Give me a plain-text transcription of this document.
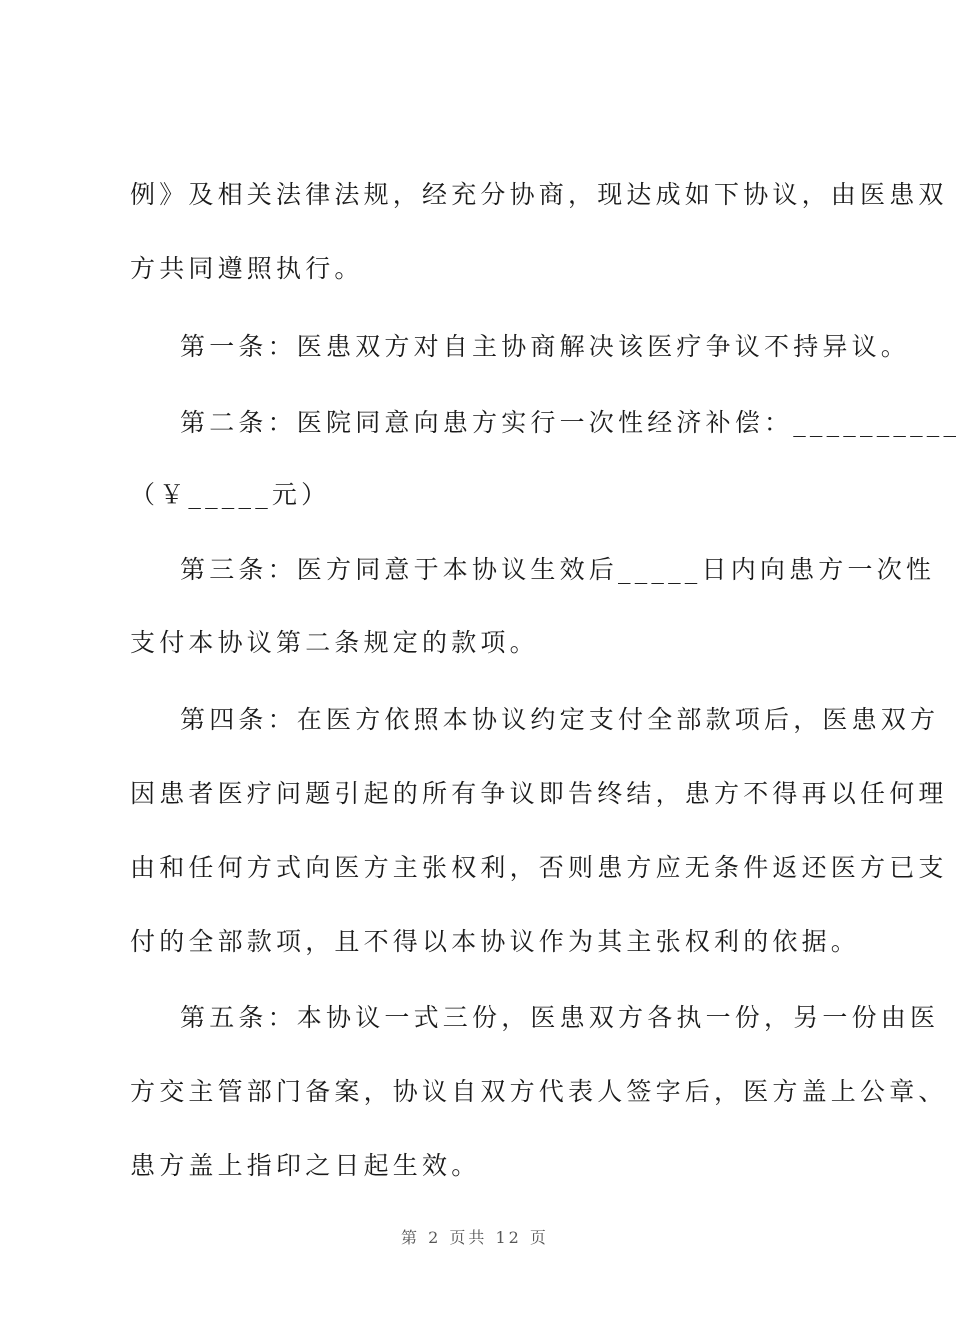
例》及相关法律法规，经充分协商，现达成如下协议，由医患双
方共同遵照执行。
第一条：医患双方对自主协商解决该医疗争议不持异议。
第二条：医院同意向患方实行一次性经济补偿：__________
（￥_____元）
第三条：医方同意于本协议生效后_____日内向患方一次性
支付本协议第二条规定的款项。
第四条：在医方依照本协议约定支付全部款项后，医患双方
因患者医疗问题引起的所有争议即告终结，患方不得再以任何理
由和任何方式向医方主张权利，否则患方应无条件返还医方已支
付的全部款项，且不得以本协议作为其主张权利的依据。
第五条：本协议一式三份，医患双方各执一份，另一份由医
方交主管部门备案，协议自双方代表人签字后，医方盖上公章、
患方盖上指印之日起生效。
第 2 页共 12 页
